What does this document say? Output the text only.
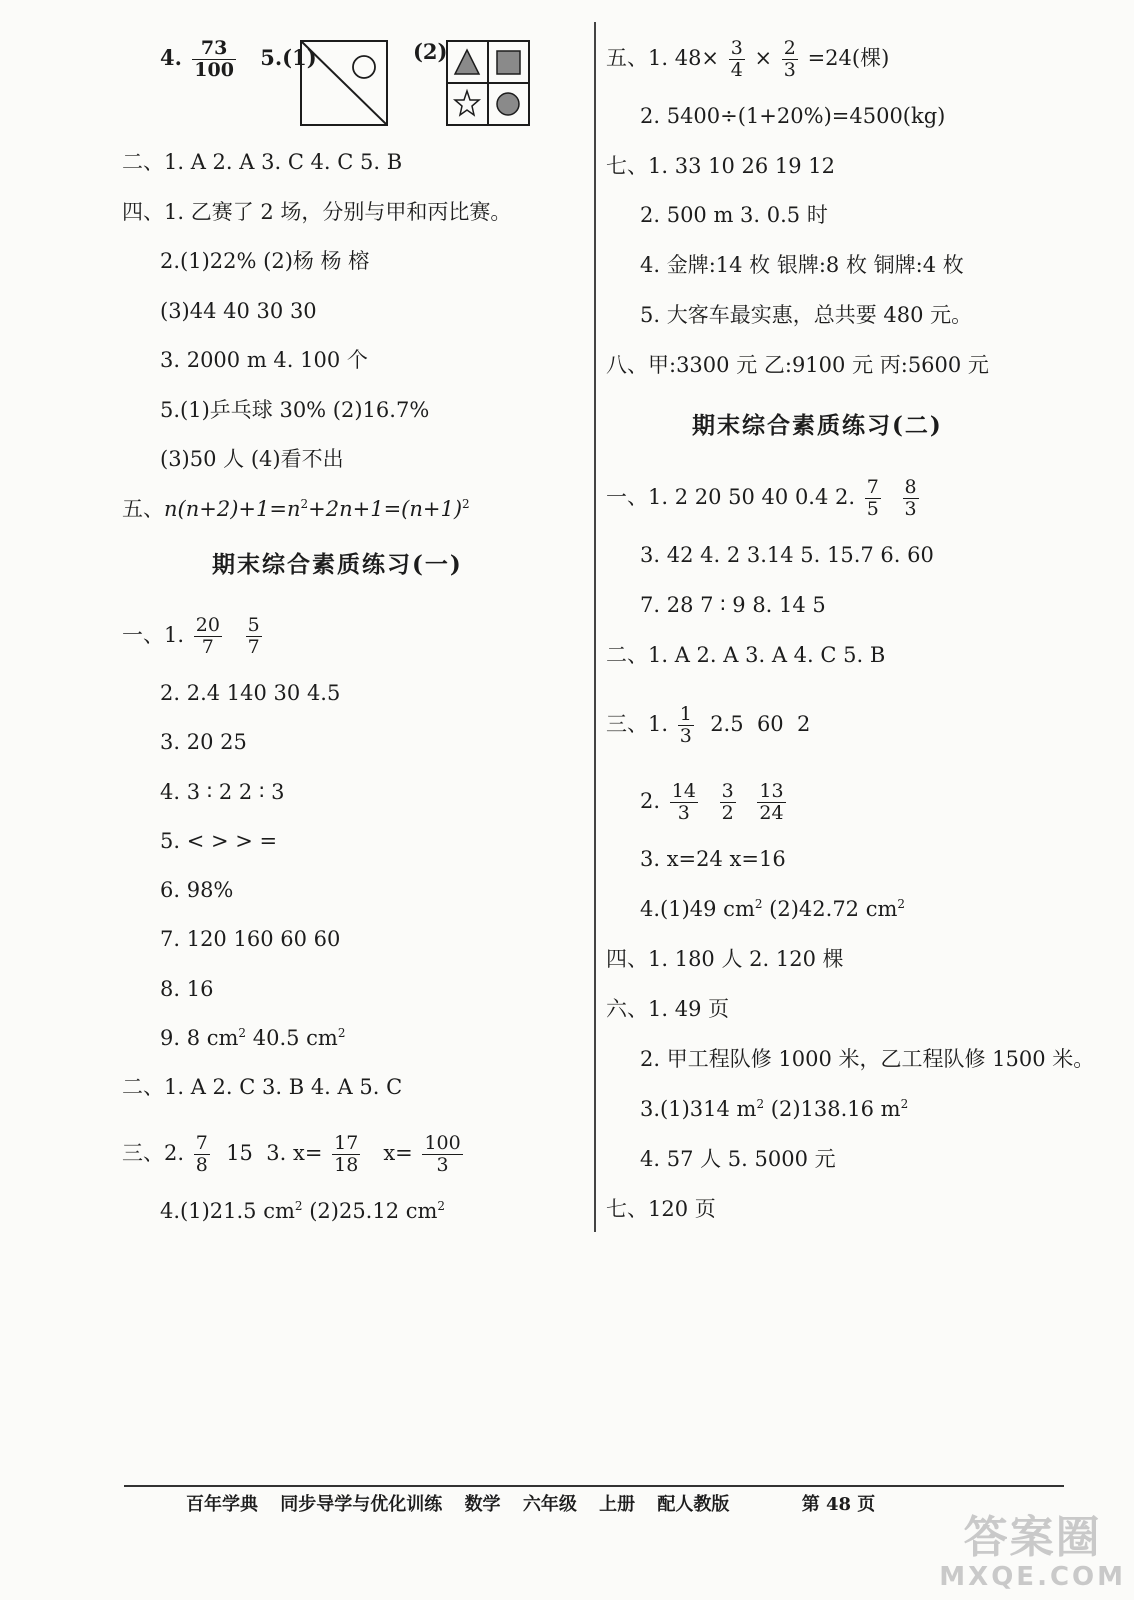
4. $\frac{73}{100} 5.(1)$	(2)
二、1. A 2. A 3. C 4. C 5. B
四、1. 乙赛了 2 场，分别与甲和丙比赛。
2.(1)22% (2)杨 杨 榕
(3)44 40 30 30
3. 2000 m 4. 100 个
5.(1)乒乓球 30% (2)16.7%
(3)50 人 (4)看不出
五、$n(n+2)+1=n^2+2n+1=(n+1)^2$
期末综合素质练习(一)
一、1. $\frac{20}{7}$
$\frac{5}{7}$
2. 2.4 140 30 4.5
3. 20 25
4. 3 ∶ 2 2 ∶ 3
5. < > > =
6. 98%
7. 120 160 60 60
8. 16
9. 8 $cm^2$ 40.5 $cm^2$
二、1. A 2. C 3. B 4. A 5. C
三、2. $\frac{7}{8} 15$  3. $x= \frac{17}{18} x= \frac{100}{3}$
4.(1)21.5 $cm^2$ (2)25.12 $cm^2$
五、1. $48\times \frac{3}{4} \times \frac{2}{3} =24$(棵)
2. 5400÷(1+20%)=4500(kg)
七、1. 33 10 26 19 12
2. 500 m 3. 0.5 时
4. 金牌:14 枚 银牌:8 枚 铜牌:4 枚
5. 大客车最实惠，总共要 480 元。
八、甲:3300 元 乙:9100 元 丙:5600 元
期末综合素质练习(二)
一、1. 2 20 50 40 0.4 2. $\frac{7}{5}$
$\frac{8}{3}$
3. 42 4. 2 3.14 5. 15.7 6. 60
7. 28 7 ∶ 9 8. 14 5
二、1. A 2. A 3. A 4. C 5. B
三、1. $\frac{1}{3} 2.5$  60  2
2. $\frac{14}{3}$
$\frac{3}{2}$
$\frac{13}{24}$
3. x=24 x=16
4.(1)49 $cm^2$ (2)42.72 $cm^2$
四、1. 180 人 2. 120 棵
六、1. 49 页
2. 甲工程队修 1000 米，乙工程队修 1500 米。
3.(1)314 $m^2$ (2)138.16 $m^2$
4. 57 人 5. 5000 元
七、120 页
百年学典 同步导学与优化训练 数学 六年级 上册 配人教版	第 48 页
答案圈
MXQE.COM
